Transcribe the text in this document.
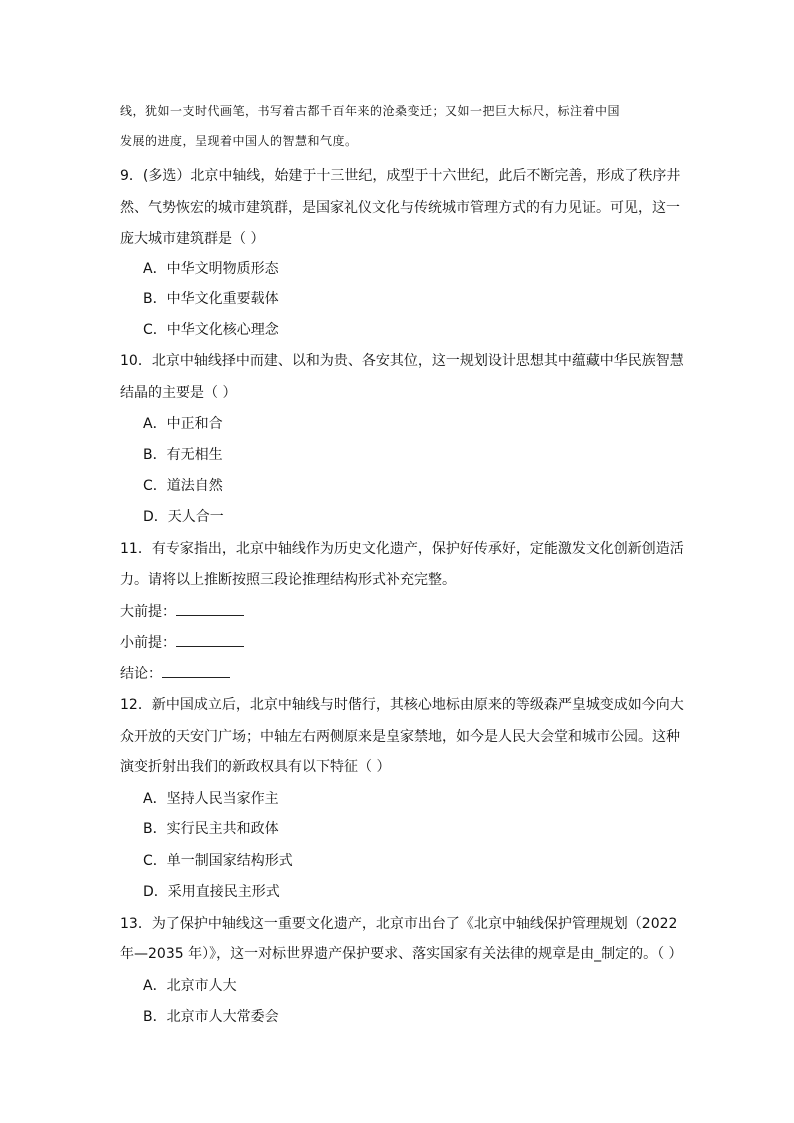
线，犹如一支时代画笔，书写着古都千百年来的沧桑变迁；又如一把巨大标尺，标注着中国
发展的进度，呈现着中国人的智慧和气度。
9．(多选）北京中轴线，始建于十三世纪，成型于十六世纪，此后不断完善，形成了秩序井
然、气势恢宏的城市建筑群，是国家礼仪文化与传统城市管理方式的有力见证。可见，这一
庞大城市建筑群是（ ）
A．中华文明物质形态
B．中华文化重要载体
C．中华文化核心理念
10．北京中轴线择中而建、以和为贵、各安其位，这一规划设计思想其中蕴藏中华民族智慧
结晶的主要是（ ）
A．中正和合
B．有无相生
C．道法自然
D．天人合一
11．有专家指出，北京中轴线作为历史文化遗产，保护好传承好，定能激发文化创新创造活
力。请将以上推断按照三段论推理结构形式补充完整。
大前提：
小前提：
结论：
12．新中国成立后，北京中轴线与时偕行，其核心地标由原来的等级森严皇城变成如今向大
众开放的天安门广场；中轴左右两侧原来是皇家禁地，如今是人民大会堂和城市公园。这种
演变折射出我们的新政权具有以下特征（ ）
A．坚持人民当家作主
B．实行民主共和政体
C．单一制国家结构形式
D．采用直接民主形式
13．为了保护中轴线这一重要文化遗产，北京市出台了《北京中轴线保护管理规划（2022
年—2035 年）》，这一对标世界遗产保护要求、落实国家有关法律的规章是由_制定的。（ ）
A．北京市人大
B．北京市人大常委会
